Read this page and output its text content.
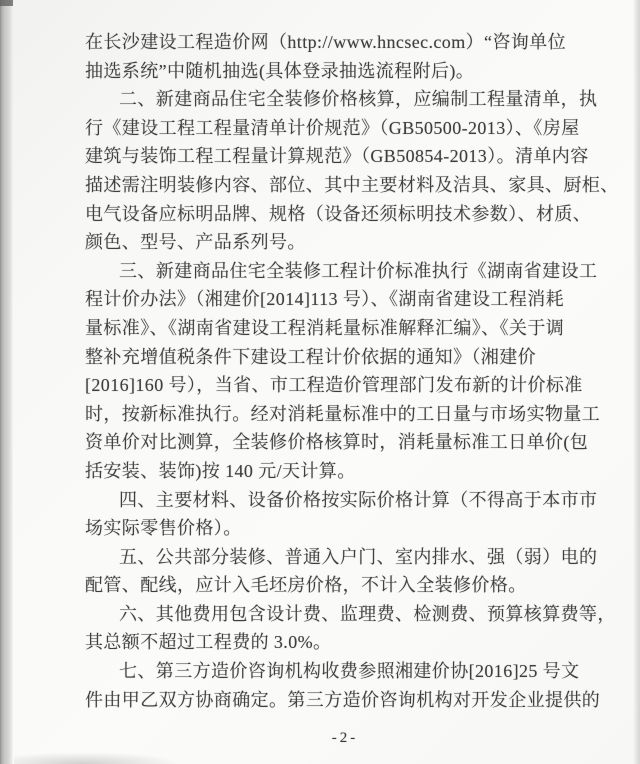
在长沙建设工程造价网（http://www.hncsec.com）“咨询单位
抽选系统”中随机抽选(具体登录抽选流程附后)。
二、新建商品住宅全装修价格核算，应编制工程量清单，执
行《建设工程工程量清单计价规范》（GB50500-2013）、《房屋
建筑与装饰工程工程量计算规范》（GB50854-2013）。清单内容
描述需注明装修内容、部位、其中主要材料及洁具、家具、厨柜、
电气设备应标明品牌、规格（设备还须标明技术参数）、材质、
颜色、型号、产品系列号。
三、新建商品住宅全装修工程计价标准执行《湖南省建设工
程计价办法》（湘建价[2014]113 号）、《湖南省建设工程消耗
量标准》、《湖南省建设工程消耗量标准解释汇编》、《关于调
整补充增值税条件下建设工程计价依据的通知》（湘建价
[2016]160 号），当省、市工程造价管理部门发布新的计价标准
时，按新标准执行。经对消耗量标准中的工日量与市场实物量工
资单价对比测算，全装修价格核算时，消耗量标准工日单价(包
括安装、装饰)按 140 元/天计算。
四、主要材料、设备价格按实际价格计算（不得高于本市市
场实际零售价格）。
五、公共部分装修、普通入户门、室内排水、强（弱）电的
配管、配线，应计入毛坯房价格，不计入全装修价格。
六、其他费用包含设计费、监理费、检测费、预算核算费等，
其总额不超过工程费的 3.0%。
七、第三方造价咨询机构收费参照湘建价协[2016]25 号文
件由甲乙双方协商确定。第三方造价咨询机构对开发企业提供的
-2-
